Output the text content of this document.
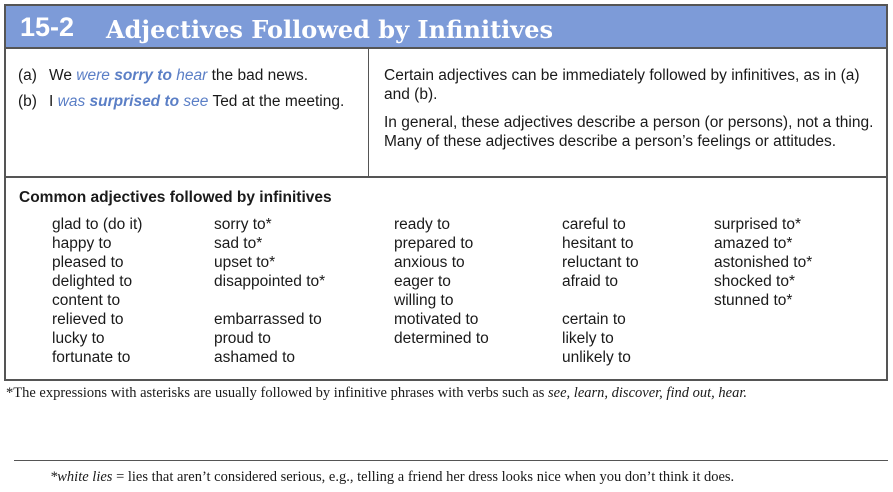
15-2 Adjectives Followed by Infinitives
(a) We were sorry to hear the bad news.
(b) I was surprised to see Ted at the meeting.
Certain adjectives can be immediately followed by infinitives, as in (a) and (b).
In general, these adjectives describe a person (or persons), not a thing. Many of these adjectives describe a person’s feelings or attitudes.
Common adjectives followed by infinitives
glad to (do it)
happy to
pleased to
delighted to
content to
relieved to
lucky to
fortunate to
sorry to*
sad to*
upset to*
disappointed to*
embarrassed to
proud to
ashamed to
ready to
prepared to
anxious to
eager to
willing to
motivated to
determined to
careful to
hesitant to
reluctant to
afraid to
certain to
likely to
unlikely to
surprised to*
amazed to*
astonished to*
shocked to*
stunned to*
*The expressions with asterisks are usually followed by infinitive phrases with verbs such as see, learn, discover, find out, hear.
*white lies = lies that aren’t considered serious, e.g., telling a friend her dress looks nice when you don’t think it does.
